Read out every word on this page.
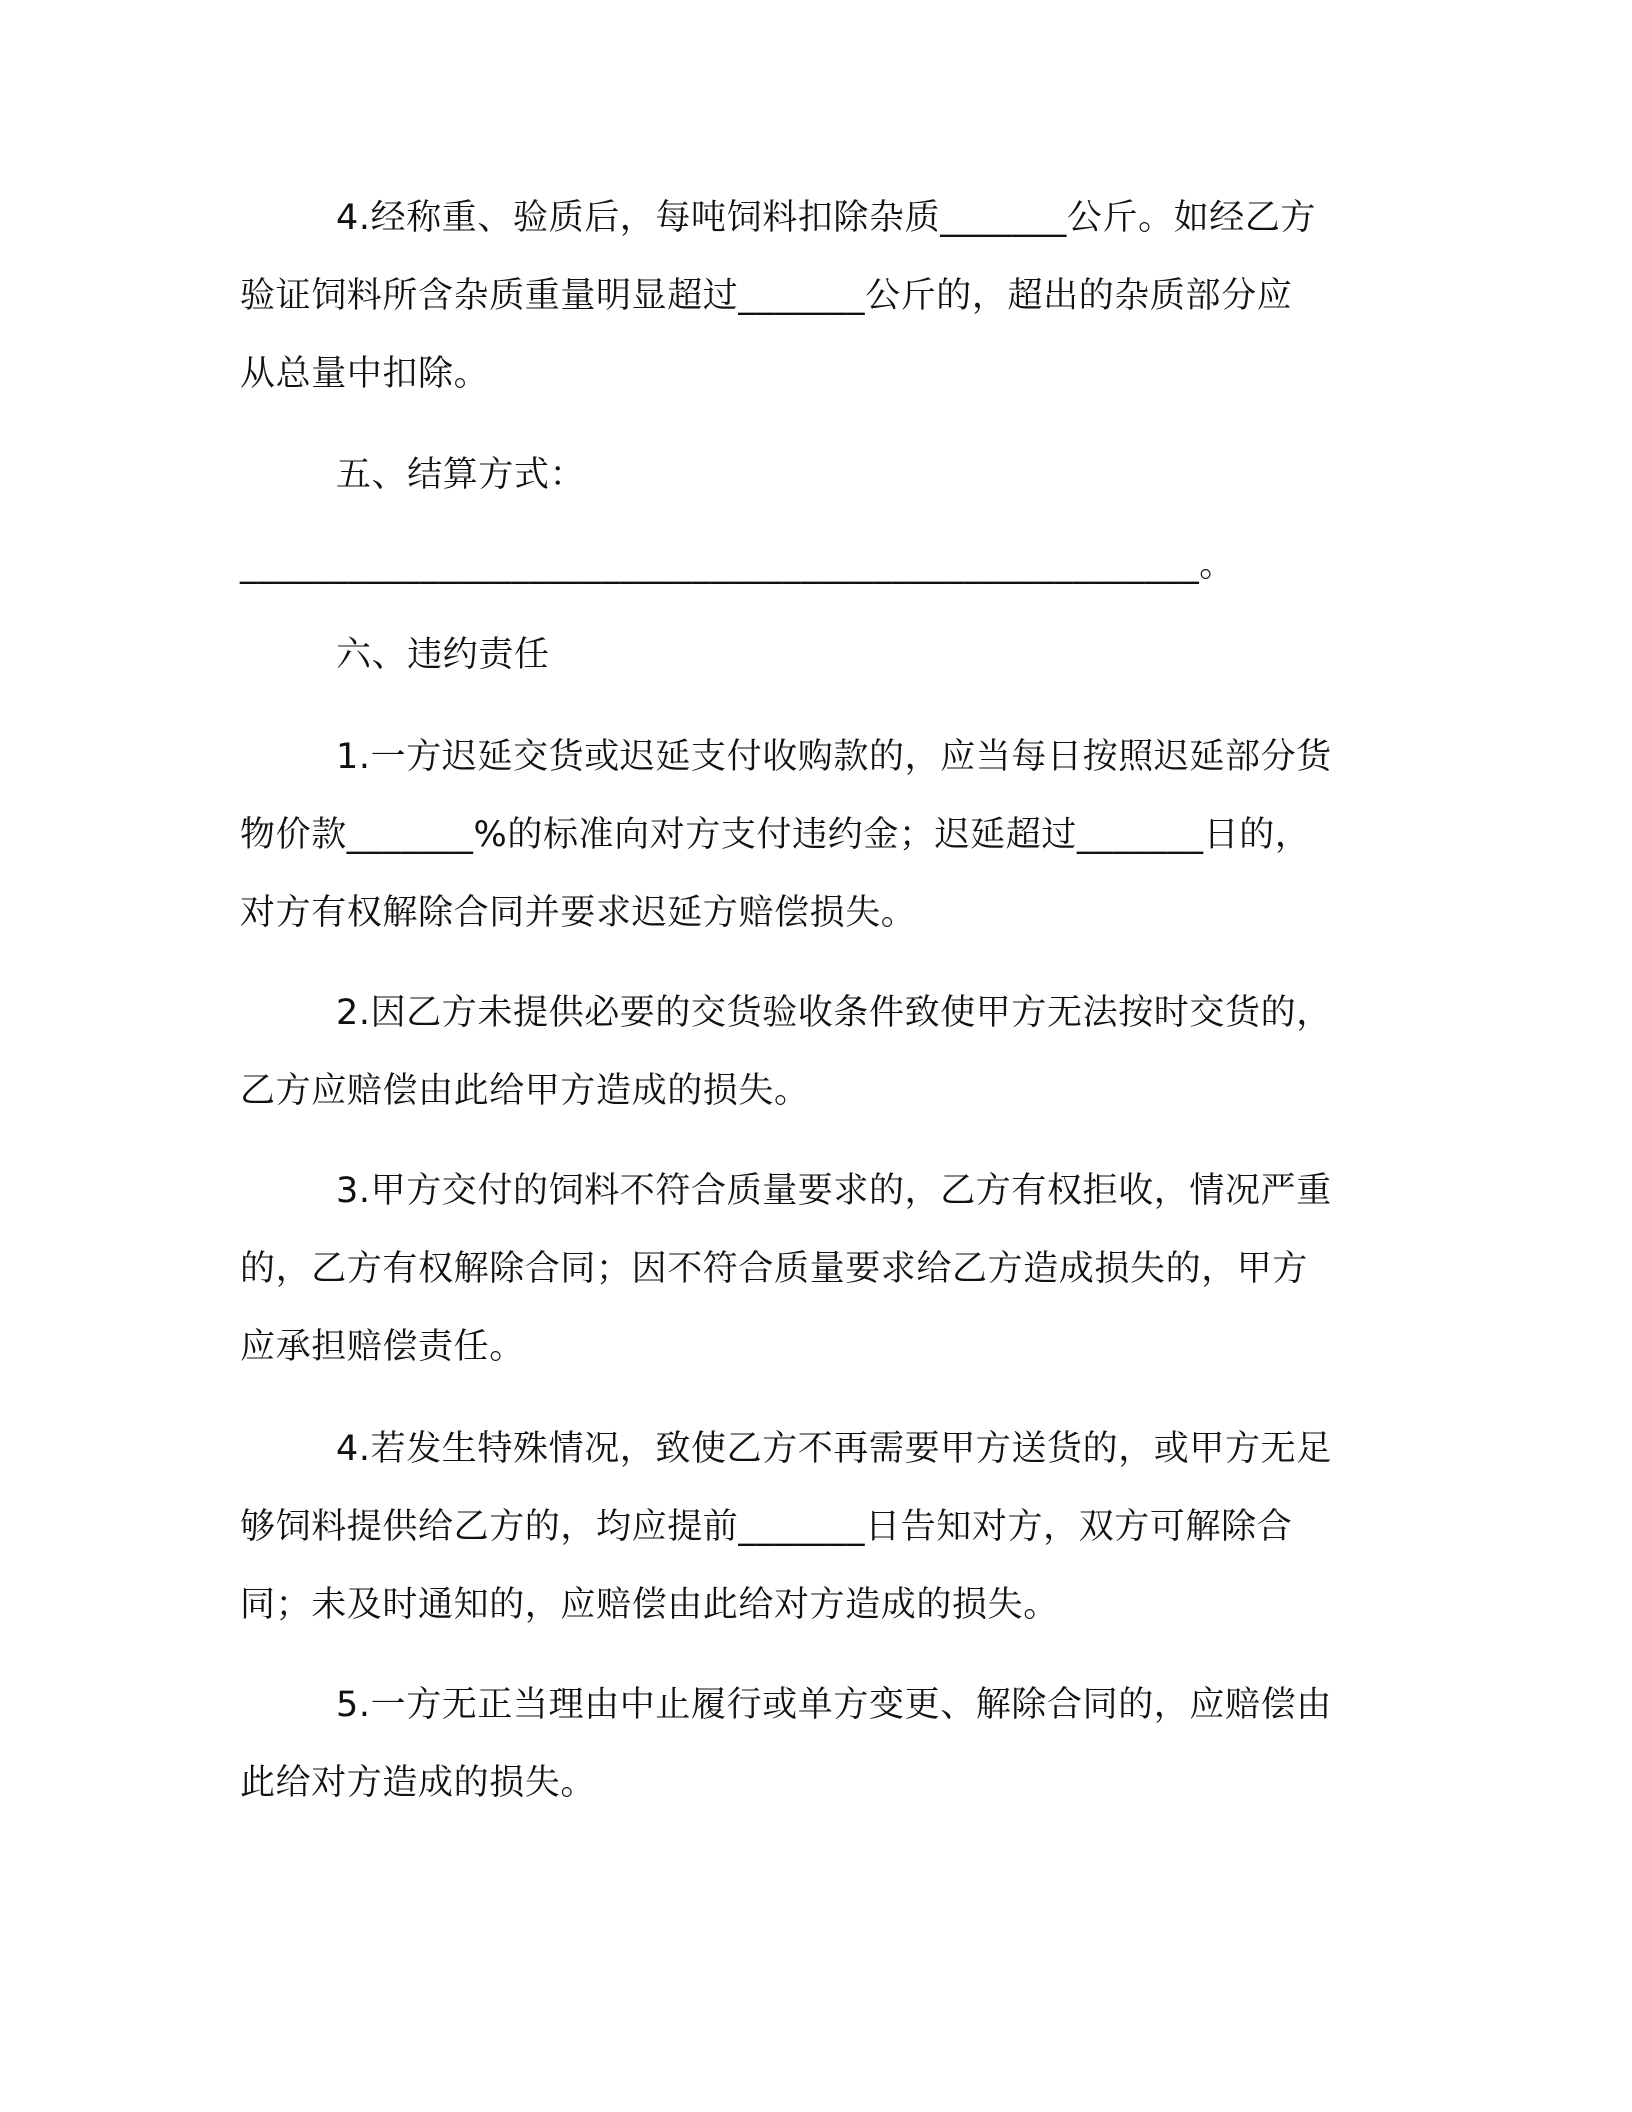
4.经称重、验质后，每吨饲料扣除杂质_______公斤。如经乙方
验证饲料所含杂质重量明显超过_______公斤的，超出的杂质部分应
从总量中扣除。
五、结算方式：
_____________________________________________________。
六、违约责任
1.一方迟延交货或迟延支付收购款的，应当每日按照迟延部分货
物价款_______%的标准向对方支付违约金；迟延超过_______日的，
对方有权解除合同并要求迟延方赔偿损失。
2.因乙方未提供必要的交货验收条件致使甲方无法按时交货的，
乙方应赔偿由此给甲方造成的损失。
3.甲方交付的饲料不符合质量要求的，乙方有权拒收，情况严重
的，乙方有权解除合同；因不符合质量要求给乙方造成损失的，甲方
应承担赔偿责任。
4.若发生特殊情况，致使乙方不再需要甲方送货的，或甲方无足
够饲料提供给乙方的，均应提前_______日告知对方，双方可解除合
同；未及时通知的，应赔偿由此给对方造成的损失。
5.一方无正当理由中止履行或单方变更、解除合同的，应赔偿由
此给对方造成的损失。
